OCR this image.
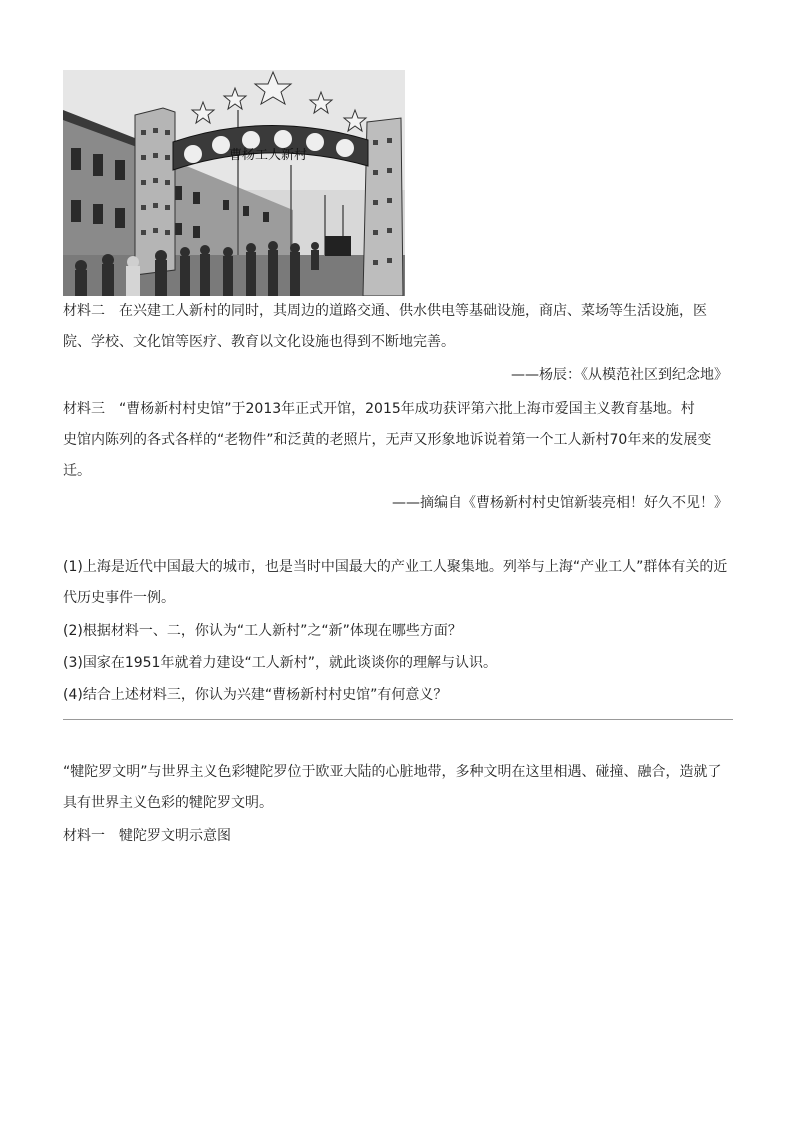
曹杨工人新村
材料二　在兴建工人新村的同时，其周边的道路交通、供水供电等基础设施，商店、菜场等生活设施，医
院、学校、文化馆等医疗、教育以文化设施也得到不断地完善。
——杨辰：《从模范社区到纪念地》
材料三　“曹杨新村村史馆”于2013年正式开馆，2015年成功获评第六批上海市爱国主义教育基地。村
史馆内陈列的各式各样的“老物件”和泛黄的老照片，无声又形象地诉说着第一个工人新村70年来的发展变
迁。
——摘编自《曹杨新村村史馆新装亮相！好久不见！》
(1)上海是近代中国最大的城市，也是当时中国最大的产业工人聚集地。列举与上海“产业工人”群体有关的近
代历史事件一例。
(2)根据材料一、二，你认为“工人新村”之“新”体现在哪些方面？
(3)国家在1951年就着力建设“工人新村”，就此谈谈你的理解与认识。
(4)结合上述材料三，你认为兴建“曹杨新村村史馆”有何意义？
“犍陀罗文明”与世界主义色彩犍陀罗位于欧亚大陆的心脏地带，多种文明在这里相遇、碰撞、融合，造就了
具有世界主义色彩的犍陀罗文明。
材料一　犍陀罗文明示意图
